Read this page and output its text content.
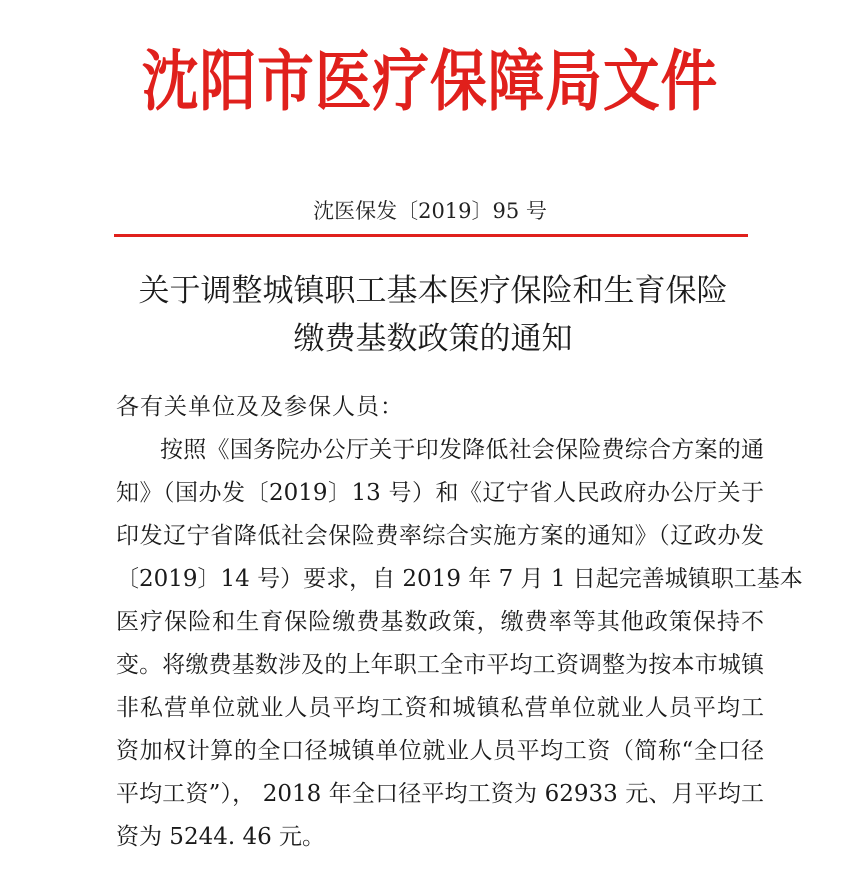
沈阳市医疗保障局文件
沈医保发〔2019〕95 号
关于调整城镇职工基本医疗保险和生育保险
缴费基数政策的通知
各有关单位及及参保人员：
按照《国务院办公厅关于印发降低社会保险费综合方案的通
知》（国办发〔2019〕13 号）和《辽宁省人民政府办公厅关于
印发辽宁省降低社会保险费率综合实施方案的通知》（辽政办发
〔2019〕14 号）要求，自 2019 年 7 月 1 日起完善城镇职工基本
医疗保险和生育保险缴费基数政策，缴费率等其他政策保持不
变。将缴费基数涉及的上年职工全市平均工资调整为按本市城镇
非私营单位就业人员平均工资和城镇私营单位就业人员平均工
资加权计算的全口径城镇单位就业人员平均工资（简称“全口径
平均工资”）， 2018 年全口径平均工资为 62933 元、月平均工
资为 5244. 46 元。
